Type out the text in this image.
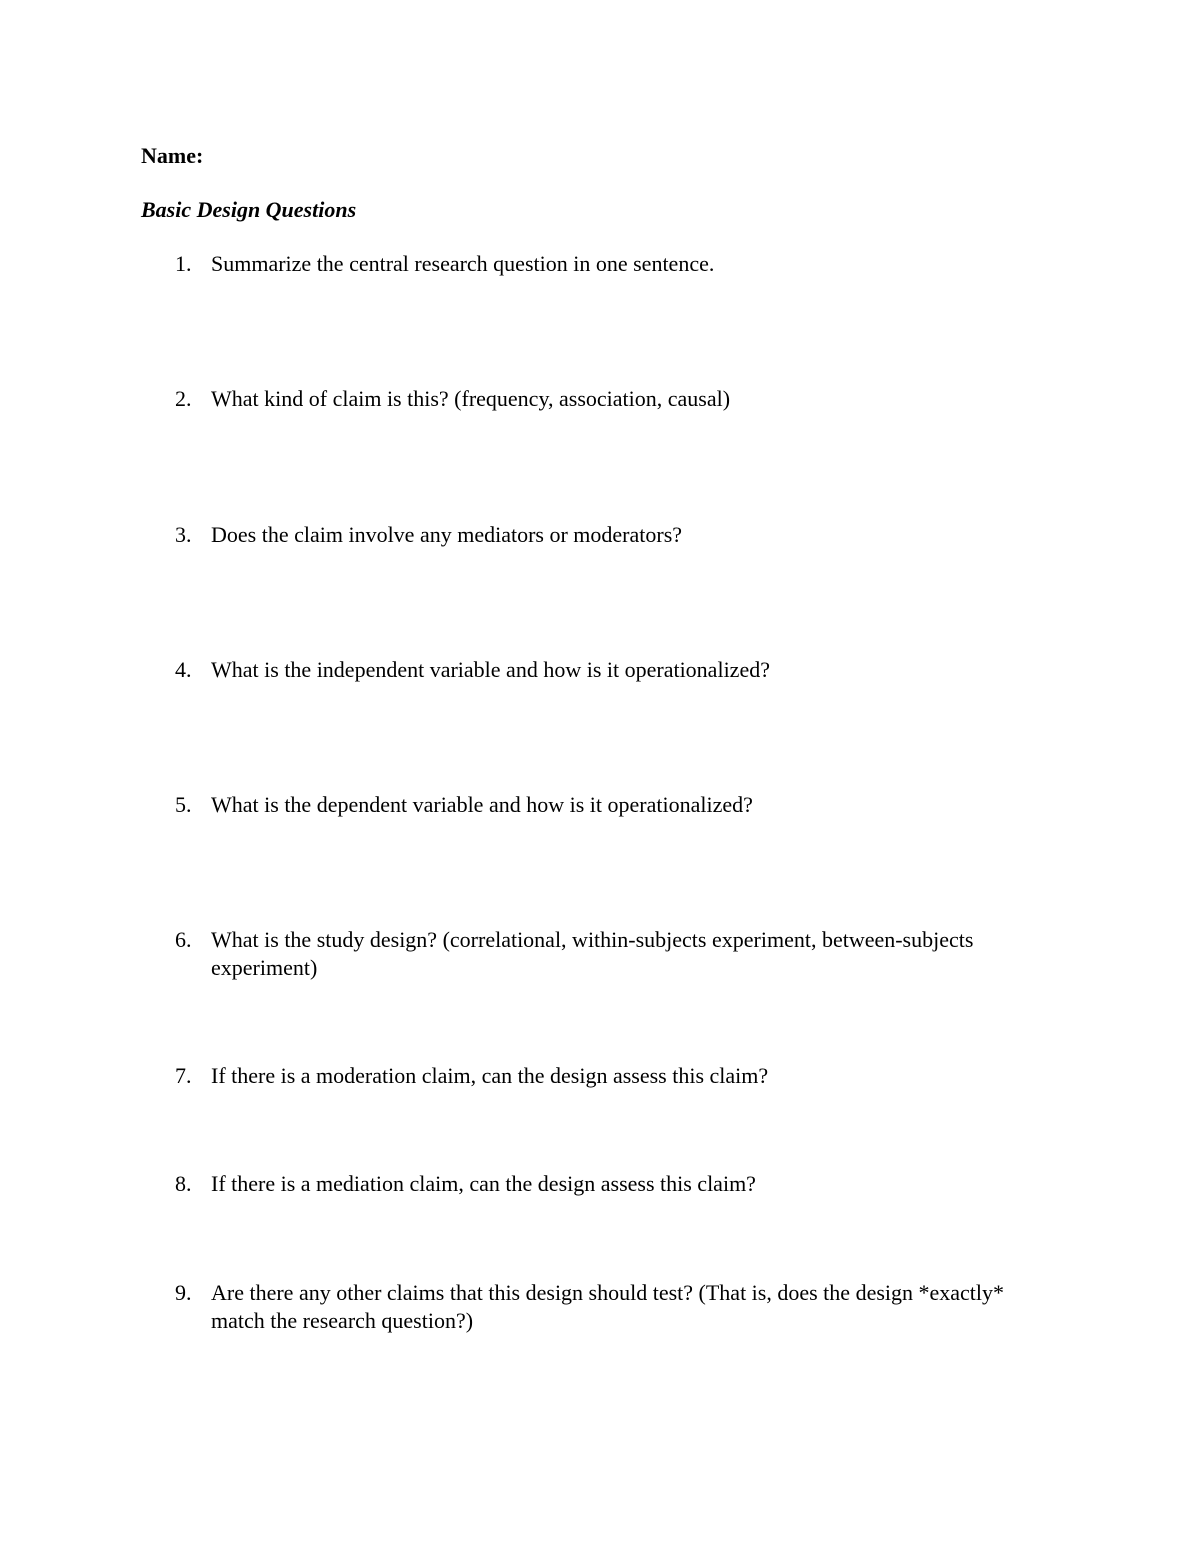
Name:
Basic Design Questions
1. Summarize the central research question in one sentence.
2. What kind of claim is this? (frequency, association, causal)
3. Does the claim involve any mediators or moderators?
4. What is the independent variable and how is it operationalized?
5. What is the dependent variable and how is it operationalized?
6. What is the study design? (correlational, within-subjects experiment, between-subjects experiment)
7. If there is a moderation claim, can the design assess this claim?
8. If there is a mediation claim, can the design assess this claim?
9. Are there any other claims that this design should test? (That is, does the design *exactly* match the research question?)
